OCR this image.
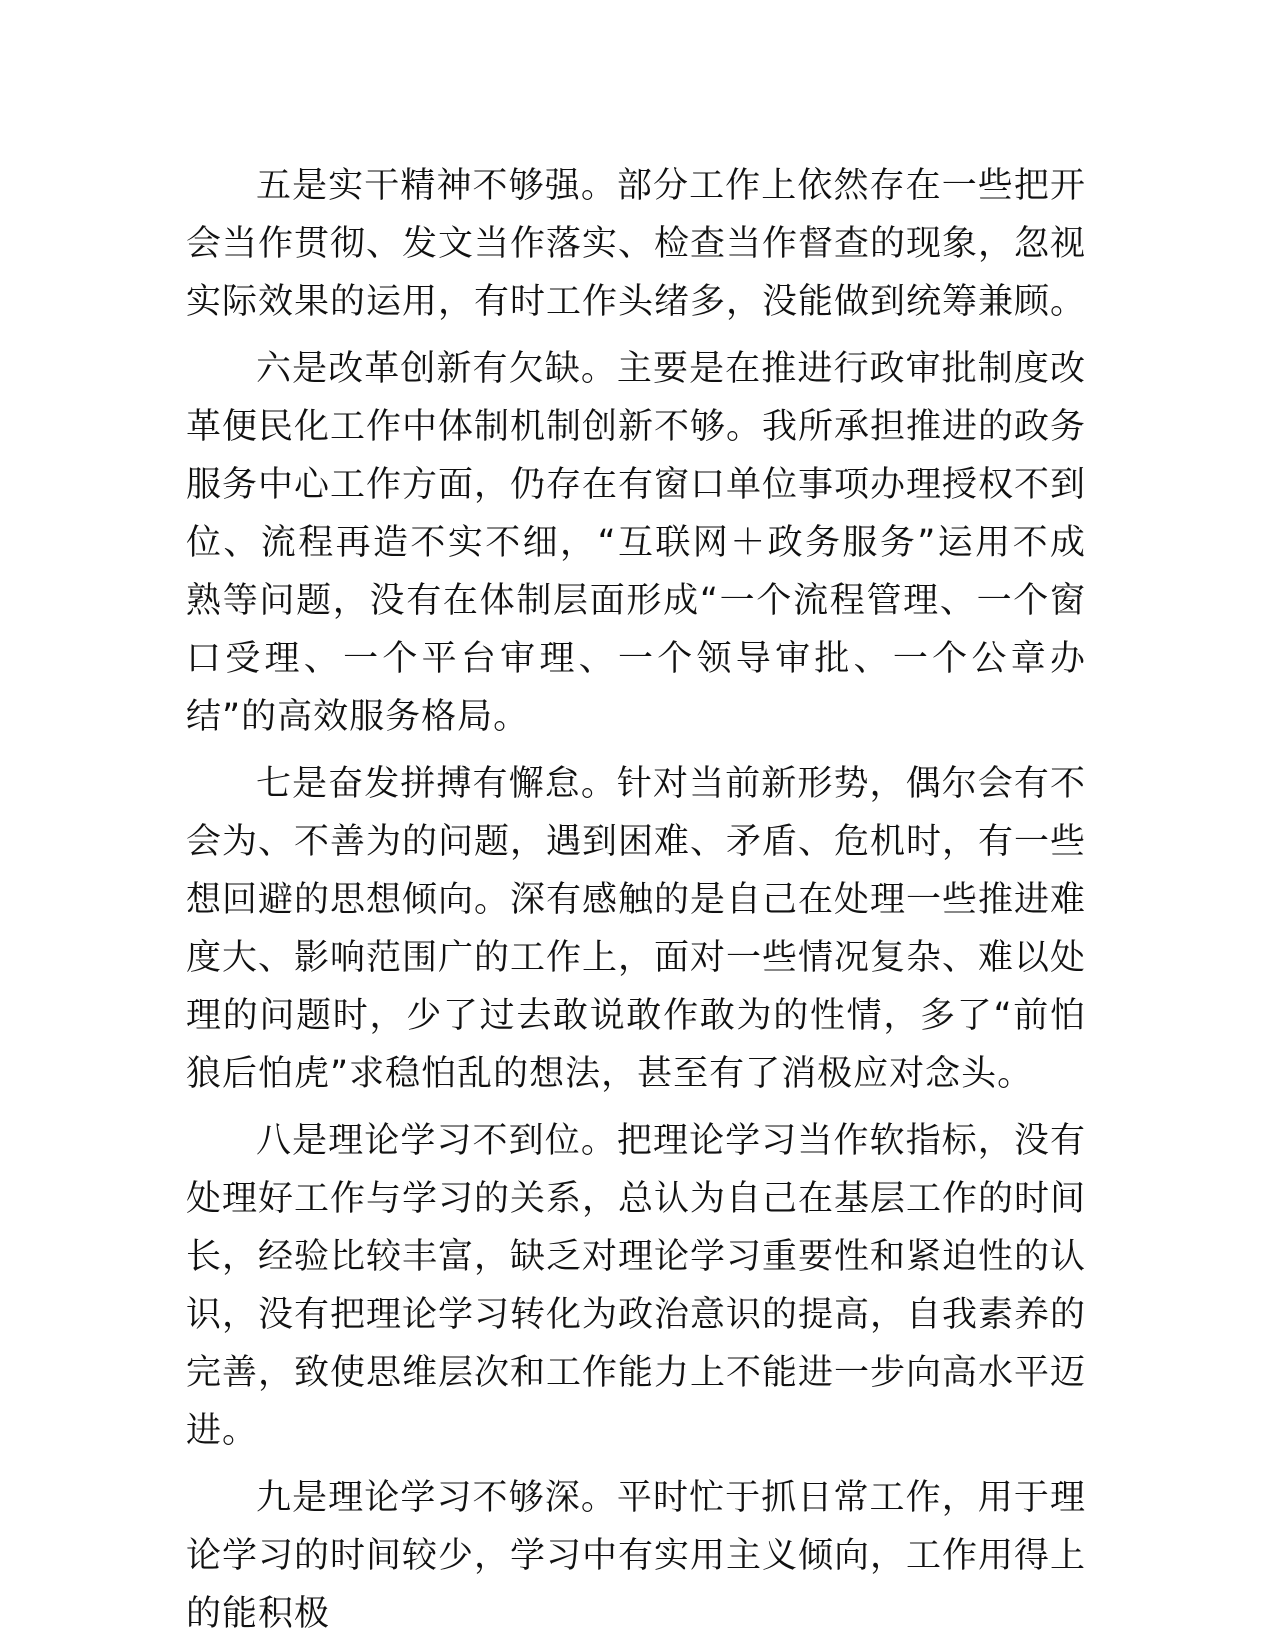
五是实干精神不够强。部分工作上依然存在一些把开会当作贯彻、发文当作落实、检查当作督查的现象，忽视实际效果的运用，有时工作头绪多，没能做到统筹兼顾。

六是改革创新有欠缺。主要是在推进行政审批制度改革便民化工作中体制机制创新不够。我所承担推进的政务服务中心工作方面，仍存在有窗口单位事项办理授权不到位、流程再造不实不细，“互联网＋政务服务”运用不成熟等问题，没有在体制层面形成“一个流程管理、一个窗口受理、一个平台审理、一个领导审批、一个公章办结”的高效服务格局。

七是奋发拼搏有懈怠。针对当前新形势，偶尔会有不会为、不善为的问题，遇到困难、矛盾、危机时，有一些想回避的思想倾向。深有感触的是自己在处理一些推进难度大、影响范围广的工作上，面对一些情况复杂、难以处理的问题时，少了过去敢说敢作敢为的性情，多了“前怕狼后怕虎”求稳怕乱的想法，甚至有了消极应对念头。

八是理论学习不到位。把理论学习当作软指标，没有处理好工作与学习的关系，总认为自己在基层工作的时间长，经验比较丰富，缺乏对理论学习重要性和紧迫性的认识，没有把理论学习转化为政治意识的提高，自我素养的完善，致使思维层次和工作能力上不能进一步向高水平迈进。

九是理论学习不够深。平时忙于抓日常工作，用于理论学习的时间较少，学习中有实用主义倾向，工作用得上的能积极
